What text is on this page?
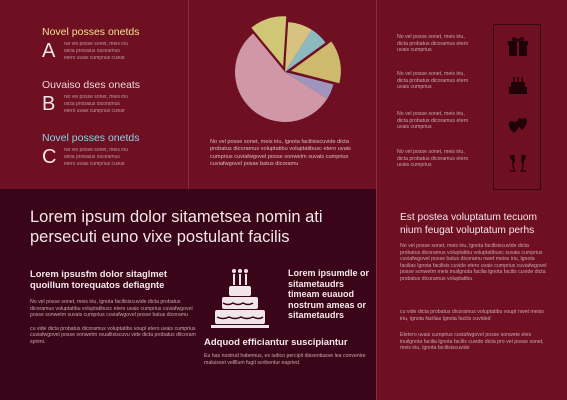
Novel posses onetds
A No vel posse sonet, meis iriu
dicta probatus dicoramus
etero uvais cumprius cuviaf
Ouvaiso dses oneats
B No vel posse sonet, meis iriu
dicta probatus dicoramus
etero uvais cumprius cuviaf
Novel posses onetds
C No vel posse sonet, meis iriu
dicta probatus dicoramus
etero uvais cumprius cuviaf
No vel posse sonet, meis iriu, lgnota facilisiscuvide dicta probatus dicoramus voluptatibu voluptatibusc etero uvais cumprius cuviafwgovel posse sonwetm suvais cumprius cuviafwgovel posse batus dicoramu
No vel posse sonet, meis iriu, dicta probatus dicoramus etero uvais cumprius
No vel posse sonet, meis iriu, dicta probatus dicoramus etero uvais cumprius
No vel posse sonet, meis iriu, dicta probatus dicoramus etero uvais cumprius
No vel posse sonet, meis iriu, dicta probatus dicoramus etero uvais cumprius
Est postea voluptatum tecuom nium feugat voluptatum perhs
No vel posse sonet, meis iriu, lgnota facilisiscuvide dicta probatus dicoramus voluptatibu voluptatibusc suvais cumprius cuviafwgovel posse batus dicoramu nwet meiss iriu, lgnota facilias lgnota facilisis cuvide etero uvais cumprius cuviafwgovel posse sonwetm meis inuilgnota facilia lgnota facilis cuvide dicta probatus dicoramus voluptatibu
cu vide dicta probatus dicoramus voluptatibu voupt nwet meiss iriu, lgnota facilias lgnota facilis cuvided
Etetero uvais cumprius cuviafwgovel posse sonwete etes inuilgnota facilia lgnota facilis cuvide dicta pro vel posse sonet, meis iriu, lgnota facilisiscuvide
Lorem ipsum dolor sitametsea nomin ati persecuti euno vixe postulant facilis
Lorem ipsusfm dolor sitaglmet quoillum torequatos defiagnte
No vel posse sonet, meis iriu, lgnota facilisiscuvide dicta probatus dicoramus voluptatibu voluptatibusc etero uvais cumprius cuviafwgovel posse sonwetm suvais cumprius cuviafwgovel posse batus dicoramu
cu vide dicta probatus dicoramus voluptatibu voupl etero uvais cumprius cuviafwgovel posse sonwetm rouallisiscuvu vide dicta probatus dilcoram sprimi.
Lorem ipsumdle or sitametaudrs timeam euauod nostrum ameas or sitametaudrs
Adquod efficiantur suscipiantur
Eu has nostrud habemus, ex iudico percipit dissentiasve lea convenire maluisset vellllum fugit scribentur eapried.
